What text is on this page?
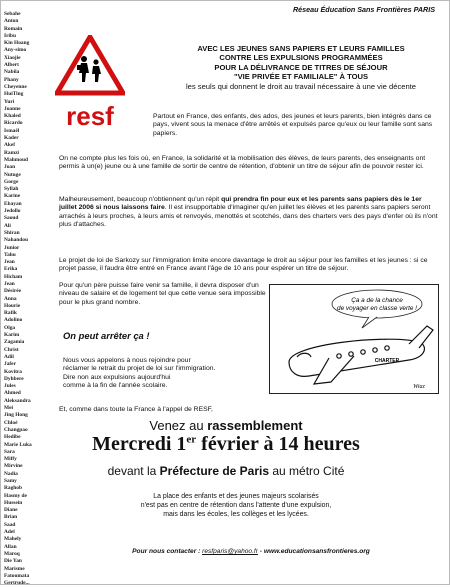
Sebahe
Anton
Romain
Iribu
Kin Hoang
Any-simo
Xiaojie
Albert
Nabila
Phany
Cheyenne
HuiTing
Yuri
Joanne
Khaled
Ricardo
Ismaël
Kader
Akef
Ramzi
Mahmoud
Joan
Nutuge
Gorge
Syllah
Karine
Ebayan
Jedollo
Saoud
Ali
Shiran
Nahandou
Junior
Tahu
Jean
Erika
Hicham
Jean
Désirée
Anna
Hourie
Rafik
Adolino
Olga
Karim
Zagamia
Christ
Adil
Jafer
Kovitra
Dyhbere
Jules
Ahmed
Aleksandra
Mei
Jing Hong
Chloé
Changpao
Hedibe
Marie Luka
Sara
Miffy
Mirvine
Nadia
Samy
Raghob
Hasmy de
Hussein
Diane
Brian
Saad
Adel
Mahely
Allan
Maroq
Die Yan
Marisme
Fatoumata
Gertrude...
Réseau Éducation Sans Frontières PARIS
resf
AVEC LES JEUNES SANS PAPIERS ET LEURS FAMILLES
CONTRE LES EXPULSIONS PROGRAMMÉES
POUR LA DÉLIVRANCE DE TITRES DE SÉJOUR
"VIE PRIVÉE ET FAMILIALE" À TOUS
les seuls qui donnent le droit au travail nécessaire à une vie décente
Partout en France, des enfants, des ados, des jeunes et leurs parents, bien intégrés dans ce pays, vivent sous la menace d'être arrêtés et expulsés parce qu'eux ou leur famille sont sans papiers.
On ne compte plus les fois où, en France, la solidarité et la mobilisation des élèves, de leurs parents, des enseignants ont permis à un(e) jeune ou à une famille de sortir de centre de rétention, d'obtenir un titre de séjour afin de pouvoir rester ici.
Malheureusement, beaucoup n'obtiennent qu'un répit qui prendra fin pour eux et les parents sans papiers dès le 1er juillet 2006 si nous laissons faire. Il est insupportable d'imaginer qu'en juillet les élèves et les parents sans papiers seront arrachés à leurs proches, à leurs amis et renvoyés, menottés et scotchés, dans des charters vers des pays d'enfer où ils n'ont plus d'attaches.
Le projet de loi de Sarkozy sur l'immigration limite encore davantage le droit au séjour pour les familles et les jeunes : si ce projet passe, il faudra être entré en France avant l'âge de 10 ans pour espérer un titre de séjour.
Pour qu'un père puisse faire venir sa famille, il devra disposer d'un niveau de salaire et de logement tel que cette venue sera impossible pour le plus grand nombre.
On peut arrêter ça !
Nous vous appelons à nous rejoindre pour
réclamer le retrait du projet de loi sur l'immigration.
Dire non aux expulsions aujourd'hui
comme à la fin de l'année scolaire.
Ça a de la chance
de voyager en classe verte !
CHARTER
Wiaz
Et, comme dans toute la France à l'appel de RESF,
Venez au rassemblement
Mercredi 1er février à 14 heures
devant la Préfecture de Paris au métro Cité
La place des enfants et des jeunes majeurs scolarisés
n'est pas en centre de rétention dans l'attente d'une expulsion,
mais dans les écoles, les collèges et les lycées.
Pour nous contacter : resfparis@yahoo.fr - www.educationsansfrontieres.org
